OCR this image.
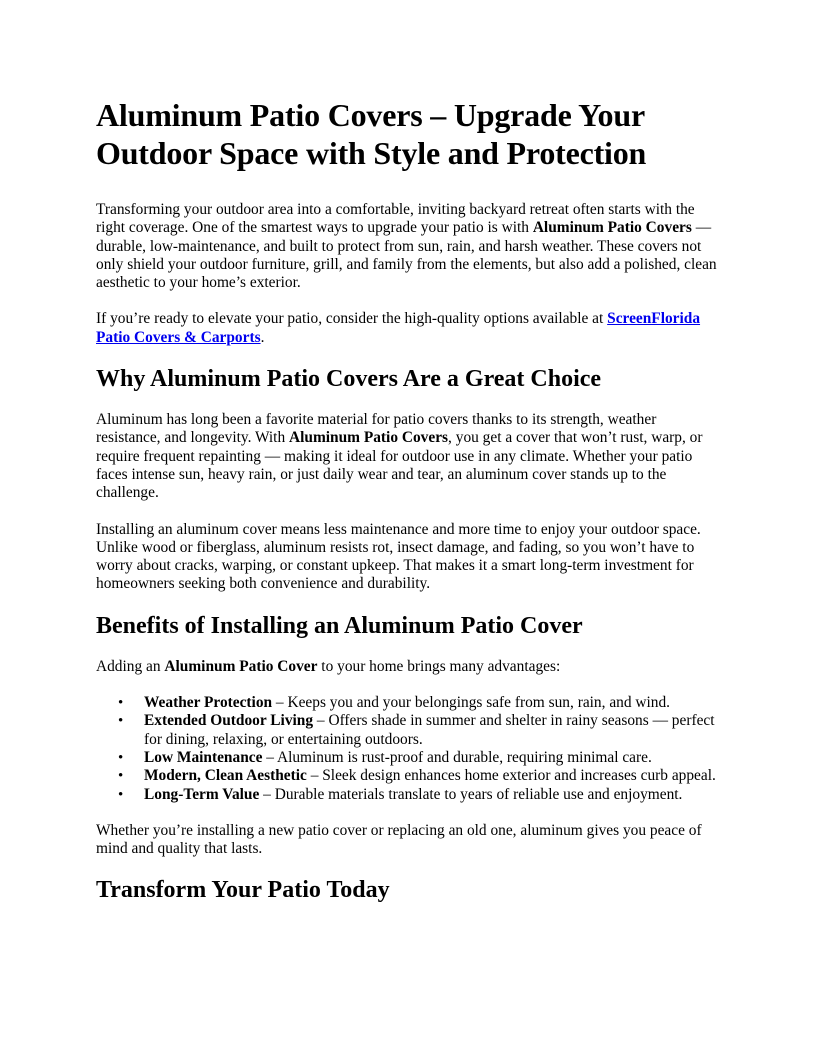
Aluminum Patio Covers – Upgrade Your Outdoor Space with Style and Protection

Transforming your outdoor area into a comfortable, inviting backyard retreat often starts with the right coverage. One of the smartest ways to upgrade your patio is with Aluminum Patio Covers — durable, low-maintenance, and built to protect from sun, rain, and harsh weather. These covers not only shield your outdoor furniture, grill, and family from the elements, but also add a polished, clean aesthetic to your home’s exterior.

If you’re ready to elevate your patio, consider the high-quality options available at ScreenFlorida Patio Covers & Carports.

Why Aluminum Patio Covers Are a Great Choice

Aluminum has long been a favorite material for patio covers thanks to its strength, weather resistance, and longevity. With Aluminum Patio Covers, you get a cover that won’t rust, warp, or require frequent repainting — making it ideal for outdoor use in any climate. Whether your patio faces intense sun, heavy rain, or just daily wear and tear, an aluminum cover stands up to the challenge.

Installing an aluminum cover means less maintenance and more time to enjoy your outdoor space. Unlike wood or fiberglass, aluminum resists rot, insect damage, and fading, so you won’t have to worry about cracks, warping, or constant upkeep. That makes it a smart long-term investment for homeowners seeking both convenience and durability.

Benefits of Installing an Aluminum Patio Cover

Adding an Aluminum Patio Cover to your home brings many advantages:

• Weather Protection – Keeps you and your belongings safe from sun, rain, and wind.
• Extended Outdoor Living – Offers shade in summer and shelter in rainy seasons — perfect for dining, relaxing, or entertaining outdoors.
• Low Maintenance – Aluminum is rust-proof and durable, requiring minimal care.
• Modern, Clean Aesthetic – Sleek design enhances home exterior and increases curb appeal.
• Long-Term Value – Durable materials translate to years of reliable use and enjoyment.

Whether you’re installing a new patio cover or replacing an old one, aluminum gives you peace of mind and quality that lasts.

Transform Your Patio Today
